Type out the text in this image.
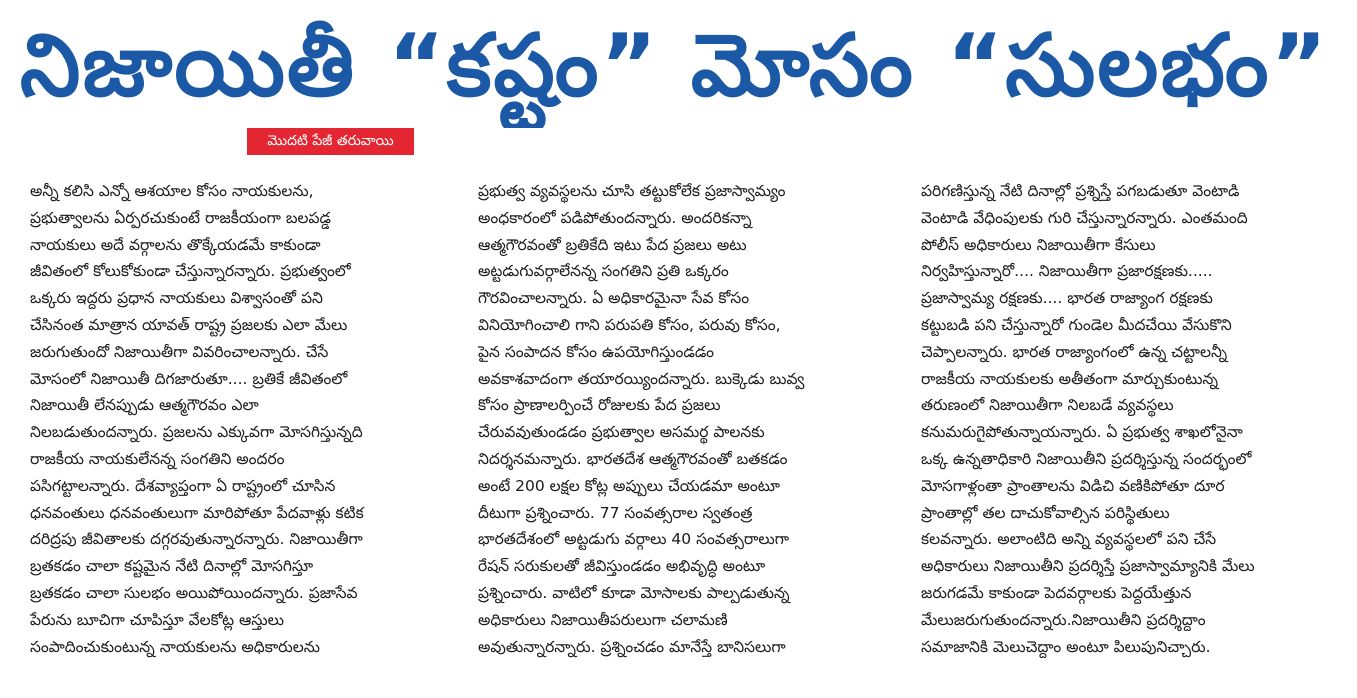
నిజాయితీ “కష్టం” మోసం “సులభం”
మొదటి పేజీ తరువాయి
అన్నీ కలిసి ఎన్నో ఆశయాల కోసం నాయకులను,
ప్రభుత్వాలను ఏర్పరచుకుంటే రాజకీయంగా బలపడ్డ
నాయకులు అదే వర్గాలను తొక్కేయడమే కాకుండా
జీవితంలో కోలుకోకుండా చేస్తున్నారన్నారు. ప్రభుత్వంలో
ఒక్కరు ఇద్దరు ప్రధాన నాయకులు విశ్వాసంతో పని
చేసినంత మాత్రాన యావత్ రాష్ట్ర ప్రజలకు ఎలా మేలు
జరుగుతుందో నిజాయితీగా వివరించాలన్నారు. చేసే
మోసంలో నిజాయితీ దిగజారుతూ.... బ్రతికే జీవితంలో
నిజాయితీ లేనప్పుడు ఆత్మగౌరవం ఎలా
నిలబడుతుందన్నారు. ప్రజలను ఎక్కువగా మోసగిస్తున్నది
రాజకీయ నాయకులేనన్న సంగతిని అందరం
పసిగట్టాలన్నారు. దేశవ్యాప్తంగా ఏ రాష్ట్రంలో చూసిన
ధనవంతులు ధనవంతులుగా మారిపోతూ పేదవాళ్లు కటిక
దరిద్రపు జీవితాలకు దగ్గరవుతున్నారన్నారు. నిజాయితీగా
బ్రతకడం చాలా కష్టమైన నేటి దినాల్లో మోసగిస్తూ
బ్రతకడం చాలా సులభం అయిపోయిందన్నారు. ప్రజాసేవ
పేరును బూచిగా చూపిస్తూ వేలకోట్ల ఆస్తులు
సంపాదించుకుంటున్న నాయకులను అధికారులను
ప్రభుత్వ వ్యవస్థలను చూసి తట్టుకోలేక ప్రజాస్వామ్యం
అంధకారంలో పడిపోతుందన్నారు. అందరికన్నా
ఆత్మగౌరవంతో బ్రతికేది ఇటు పేద ప్రజలు అటు
అట్టడుగువర్గాలేనన్న సంగతిని ప్రతి ఒక్కరం
గౌరవించాలన్నారు. ఏ అధికారమైనా సేవ కోసం
వినియోగించాలి గాని పరుపతి కోసం, పరువు కోసం,
పైన సంపాదన కోసం ఉపయోగిస్తుండడం
అవకాశవాదంగా తయారయ్యిందన్నారు. బుక్కెడు బువ్వ
కోసం ప్రాణాలర్పించే రోజులకు పేద ప్రజలు
చేరువవుతుండడం ప్రభుత్వాల అసమర్థ పాలనకు
నిదర్శనమన్నారు. భారతదేశ ఆత్మగౌరవంతో బతకడం
అంటే 200 లక్షల కోట్ల అప్పులు చేయడమా అంటూ
దీటుగా ప్రశ్నించారు. 77 సంవత్సరాల స్వతంత్ర
భారతదేశంలో అట్టడుగు వర్గాలు 40 సంవత్సరాలుగా
రేషన్ సరుకులతో జీవిస్తుండడం అభివృద్ధి అంటూ
ప్రశ్నించారు. వాటిలో కూడా మోసాలకు పాల్పడుతున్న
అధికారులు నిజాయితీపరులుగా చలామణి
అవుతున్నారన్నారు. ప్రశ్నించడం మానేస్తే బానిసలుగా
పరిగణిస్తున్న నేటి దినాల్లో ప్రశ్నిస్తే పగబడుతూ వెంటాడి
వెంటాడి వేధింపులకు గురి చేస్తున్నారన్నారు. ఎంతమంది
పోలీస్ అధికారులు నిజాయితీగా కేసులు
నిర్వహిస్తున్నారో.... నిజాయితీగా ప్రజారక్షణకు.....
ప్రజాస్వామ్య రక్షణకు.... భారత రాజ్యాంగ రక్షణకు
కట్టుబడి పని చేస్తున్నారో గుండెల మీదచేయి వేసుకొని
చెప్పాలన్నారు. భారత రాజ్యాంగంలో ఉన్న చట్టాలన్నీ
రాజకీయ నాయకులకు అతీతంగా మార్చుకుంటున్న
తరుణంలో నిజాయితీగా నిలబడే వ్యవస్థలు
కనుమరుగైపోతున్నాయన్నారు. ఏ ప్రభుత్వ శాఖలోనైనా
ఒక్క ఉన్నతాధికారి నిజాయితీని ప్రదర్శిస్తున్న సందర్భంలో
మోసగాళ్లంతా ప్రాంతాలను విడిచి వణికిపోతూ దూర
ప్రాంతాల్లో తల దాచుకోవాల్సిన పరిస్థితులు
కలవన్నారు. అలాంటిది అన్ని వ్యవస్థలలో పని చేసే
అధికారులు నిజాయితీని ప్రదర్శిస్తే ప్రజాస్వామ్యానికి మేలు
జరుగడమే కాకుండా పెదవర్గాలకు పెద్దయేత్తున
మేలుజరుగుతుందన్నారు.నిజాయితీని ప్రదర్శిద్దాం
సమాజానికి మెలుచెద్దాం అంటూ పిలుపునిచ్చారు.
